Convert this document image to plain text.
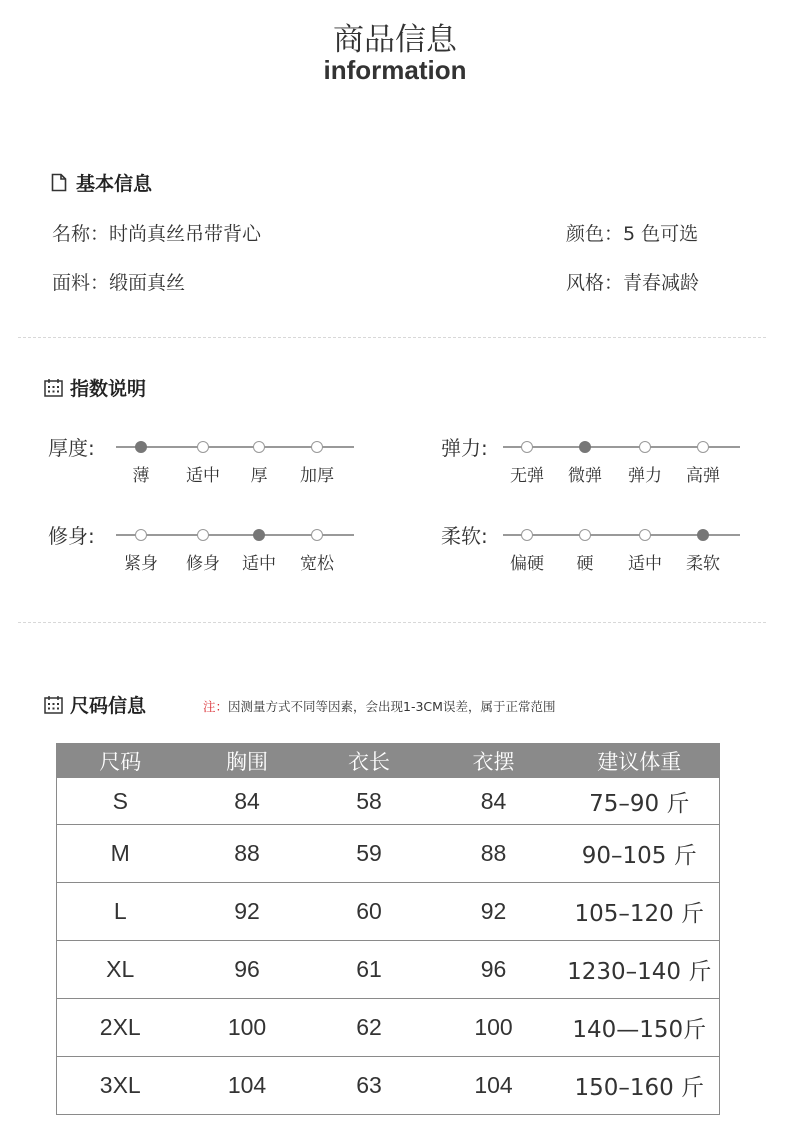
商品信息
information
基本信息
名称：时尚真丝吊带背心	颜色：5 色可选
面料：缎面真丝	风格：青春减龄
指数说明
厚度:
薄 适中 厚 加厚
弹力:
无弹 微弹 弹力 高弹
修身:
紧身 修身 适中 宽松
柔软:
偏硬 硬 适中 柔软
尺码信息	注：因测量方式不同等因素，会出现1-3CM误差，属于正常范围
尺码	胸围	衣长	衣摆	建议体重
S	84	58	84	75–90 斤
M	88	59	88	90–105 斤
L	92	60	92	105–120 斤
XL	96	61	96	1230–140 斤
2XL	100	62	100	140—150斤
3XL	104	63	104	150–160 斤
